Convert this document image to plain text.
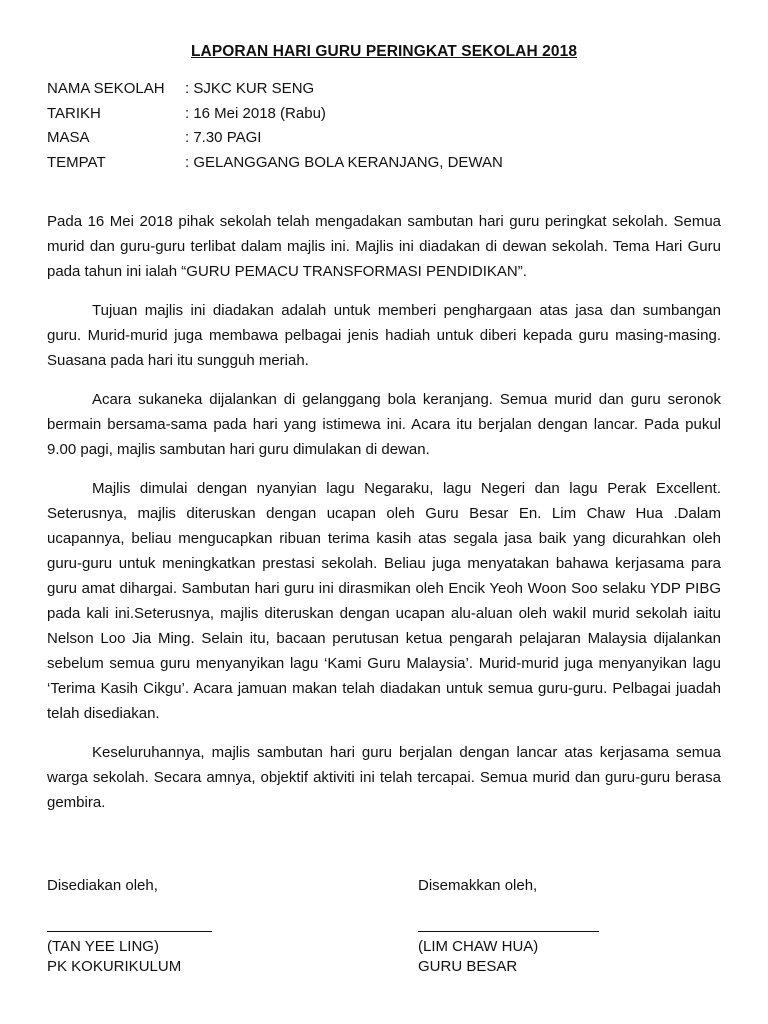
LAPORAN HARI GURU PERINGKAT SEKOLAH 2018
NAMA SEKOLAH	: SJKC KUR SENG
TARIKH	: 16 Mei 2018 (Rabu)
MASA	: 7.30 PAGI
TEMPAT	: GELANGGANG BOLA KERANJANG, DEWAN

Pada 16 Mei 2018 pihak sekolah telah mengadakan sambutan hari guru peringkat sekolah. Semua murid dan guru-guru terlibat dalam majlis ini. Majlis ini diadakan di dewan sekolah. Tema Hari Guru pada tahun ini ialah “GURU PEMACU TRANSFORMASI PENDIDIKAN”.

Tujuan majlis ini diadakan adalah untuk memberi penghargaan atas jasa dan sumbangan guru. Murid-murid juga membawa pelbagai jenis hadiah untuk diberi kepada guru masing-masing. Suasana pada hari itu sungguh meriah.

Acara sukaneka dijalankan di gelanggang bola keranjang. Semua murid dan guru seronok bermain bersama-sama pada hari yang istimewa ini. Acara itu berjalan dengan lancar. Pada pukul 9.00 pagi, majlis sambutan hari guru dimulakan di dewan.

Majlis dimulai dengan nyanyian lagu Negaraku, lagu Negeri dan lagu Perak Excellent. Seterusnya, majlis diteruskan dengan ucapan oleh Guru Besar En. Lim Chaw Hua .Dalam ucapannya, beliau mengucapkan ribuan terima kasih atas segala jasa baik yang dicurahkan oleh guru-guru untuk meningkatkan prestasi sekolah. Beliau juga menyatakan bahawa kerjasama para guru amat dihargai. Sambutan hari guru ini dirasmikan oleh Encik Yeoh Woon Soo selaku YDP PIBG pada kali ini.Seterusnya, majlis diteruskan dengan ucapan alu-aluan oleh wakil murid sekolah iaitu Nelson Loo Jia Ming. Selain itu, bacaan perutusan ketua pengarah pelajaran Malaysia dijalankan sebelum semua guru menyanyikan lagu ‘Kami Guru Malaysia’. Murid-murid juga menyanyikan lagu ‘Terima Kasih Cikgu’. Acara jamuan makan telah diadakan untuk semua guru-guru. Pelbagai juadah telah disediakan.

Keseluruhannya, majlis sambutan hari guru berjalan dengan lancar atas kerjasama semua warga sekolah. Secara amnya, objektif aktiviti ini telah tercapai. Semua murid dan guru-guru berasa gembira.

Disediakan oleh,
(TAN YEE LING)
PK KOKURIKULUM
Disemakkan oleh,
(LIM CHAW HUA)
GURU BESAR
